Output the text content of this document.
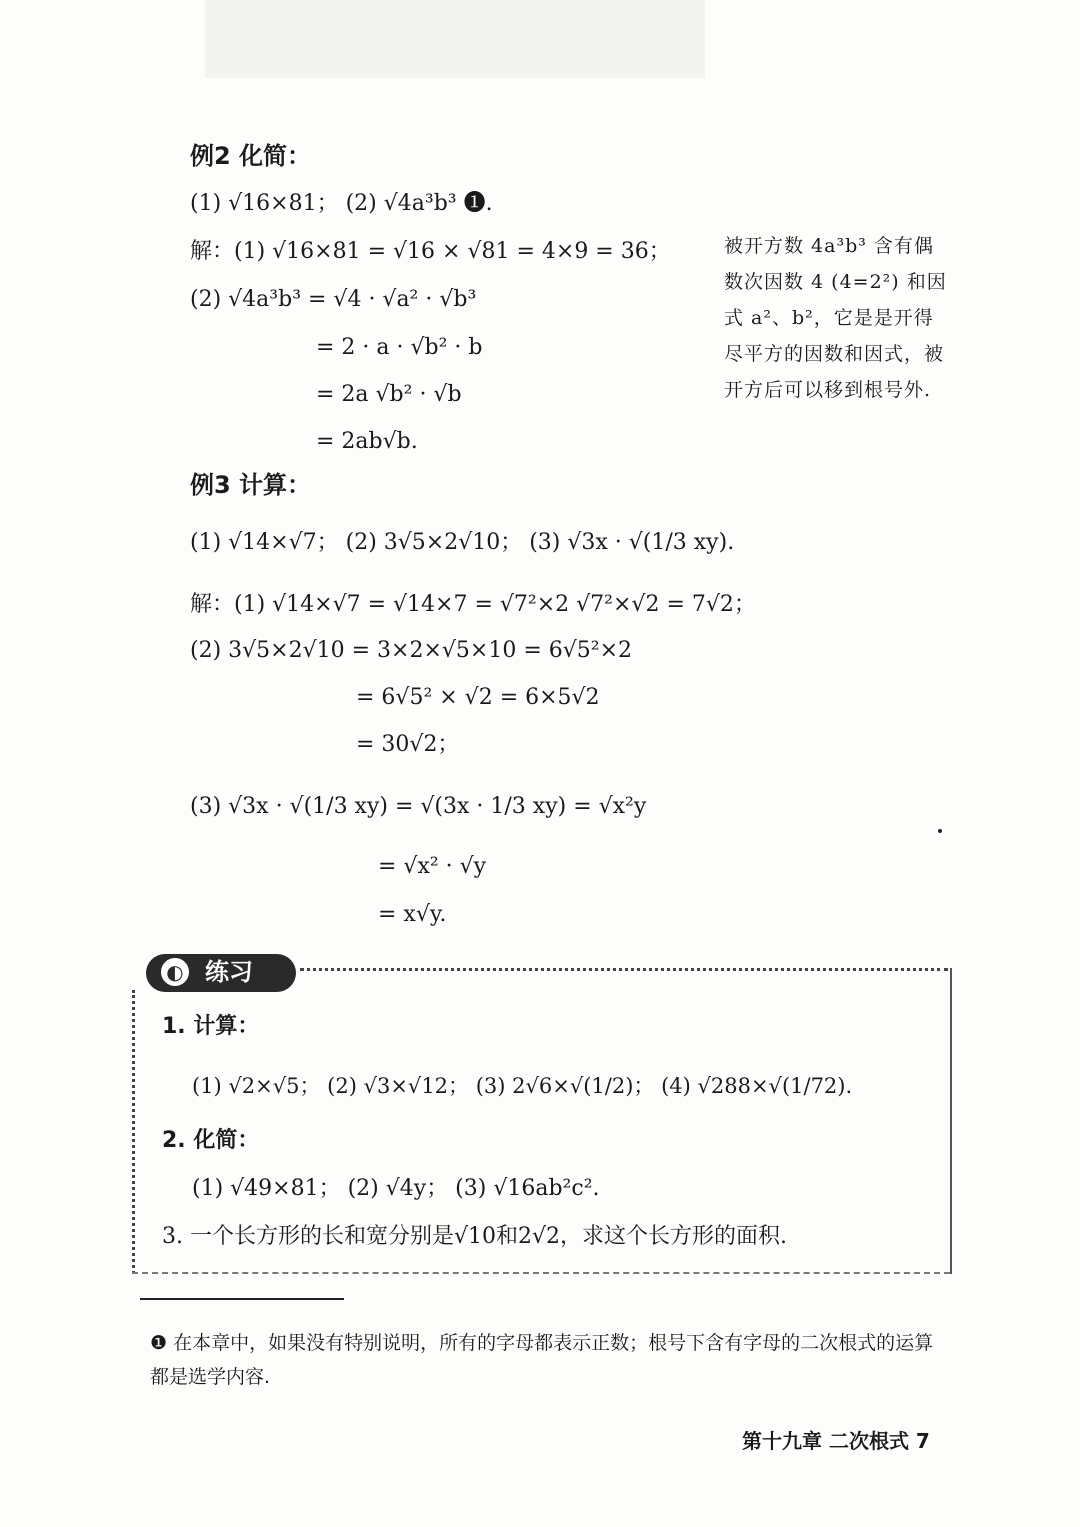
例2 化简：
(1) √16×81； (2) √4a³b³ ❶.
解：(1) √16×81 = √16 × √81 = 4×9 = 36；
(2) √4a³b³ = √4 · √a² · √b³
= 2 · a · √b² · b
= 2a √b² · √b
= 2ab√b.
被开方数 4a³b³ 含有偶数次因数 4 (4=2²) 和因式 a²、b²，它是是开得尽平方的因数和因式，被开方后可以移到根号外.
例3 计算：
(1) √14×√7； (2) 3√5×2√10； (3) √3x · √(1/3 xy).
解：(1) √14×√7 = √14×7 = √7²×2 √7²×√2 = 7√2；
(2) 3√5×2√10 = 3×2×√5×10 = 6√5²×2
= 6√5² × √2 = 6×5√2
= 30√2；
(3) √3x · √(1/3 xy) = √(3x · 1/3 xy) = √x²y
= √x² · √y
= x√y.
◐ 练习
1. 计算：
(1) √2×√5； (2) √3×√12； (3) 2√6×√(1/2)； (4) √288×√(1/72).
2. 化简：
(1) √49×81； (2) √4y； (3) √16ab²c².
3. 一个长方形的长和宽分别是√10和2√2，求这个长方形的面积.
❶ 在本章中，如果没有特别说明，所有的字母都表示正数；根号下含有字母的二次根式的运算都是选学内容.
第十九章 二次根式 7
